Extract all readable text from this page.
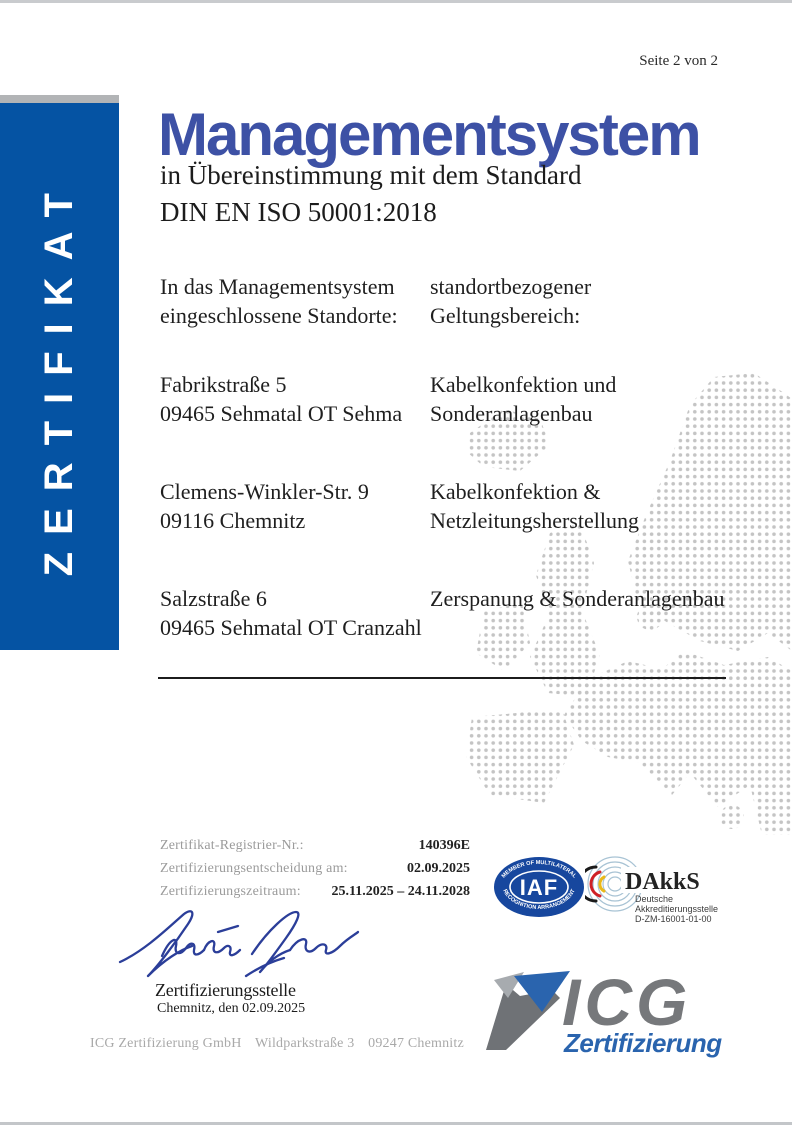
Seite 2 von 2
ZERTIFIKAT
Managementsystem
in Übereinstimmung mit dem Standard
DIN EN ISO 50001:2018
In das Managementsystem
eingeschlossene Standorte:
standortbezogener
Geltungsbereich:
Fabrikstraße 5
09465 Sehmatal OT Sehma
Kabelkonfektion und
Sonderanlagenbau
Clemens-Winkler-Str. 9
09116 Chemnitz
Kabelkonfektion &
Netzleitungsherstellung
Salzstraße 6
09465 Sehmatal OT Cranzahl
Zerspanung & Sonderanlagenbau
Zertifikat-Registrier-Nr.:	140396E
Zertifizierungsentscheidung am:	02.09.2025
Zertifizierungszeitraum: 25.11.2025 – 24.11.2028 IAF
MEMBER OF MULTILATERAL
RECOGNITION ARRANGEMENT DAkkS
Deutsche
Akkreditierungsstelle
D-ZM-16001-01-00
Zertifizierungsstelle
Chemnitz, den 02.09.2025
ICG Zertifizierung GmbH Wildparkstraße 3 09247 Chemnitz
ICG
Zertifizierung
